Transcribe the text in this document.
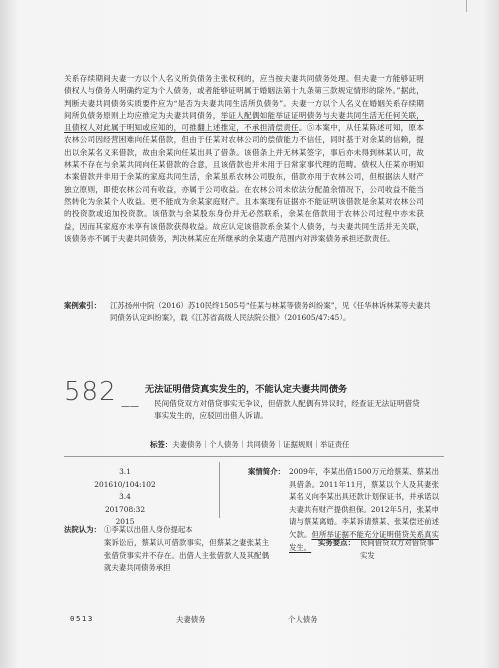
关系存续期间夫妻一方以个人名义所负债务主张权利的，应当按夫妻共同债务处理。但夫妻一方能够证明债权人与债务人明确约定为个人债务，或者能够证明属于婚姻法第十九条第三款规定情形的除外。”据此，判断夫妻共同债务实质要件应为“是否为夫妻共同生活所负债务”。夫妻一方以个人名义在婚姻关系存续期间所负债务原则上均应推定为夫妻共同债务，举证人配偶如能举证证明债务与夫妻共同生活无任何关联，且债权人对此属于明知或应知的，可推翻上述推定，不承担清偿责任。⑤本案中，从任某陈述可知，原本农林公司因经营困难向任某借款，但由于任某对农林公司的偿债能力不信任，同时基于对余某的信赖，提出以余某名义来借款，故由余某向任某出具了借条。该借条上并无林某签字，事后亦未得到林某认可，故林某不存在与余某共同向任某借款的合意，且该借款也并未用于日常家事代理的范畴。债权人任某亦明知本案借款并非用于余某的家庭共同生活，余某虽系农林公司股东，借款亦用于农林公司，但根据法人财产独立原则，即使农林公司有收益，亦属于公司收益。在农林公司未依法分配盈余情况下，公司收益不能当然转化为余某个人收益。更不能成为余某家庭财产。且本案现有证据亦不能证明该借款是余某对农林公司的投资款或追加投资款。该借款与余某股东身份并无必然联系，余某在借款用于农林公司过程中亦未获益，因而其家庭亦未享有该借款获得收益。故应认定该借款系余某个人债务，与夫妻共同生活并无关联，该债务亦不属于夫妻共同债务，判决林某应在所继承的余某遗产范围内对涉案债务承担还款责任。

案例索引：	江苏扬州中院（2016）苏10民终1505号“任某与林某等债务纠纷案”，见《任华林诉林某等夫妻共同债务认定纠纷案》，载《江苏省高级人民法院公报》（201605/47:45）。
582	无法证明借贷真实发生的，不能认定夫妻共同债务
—— 民间借贷双方对借贷事实无争议，但借款人配偶有异议时，经查证无法证明借贷事实发生的，应驳回出借人诉请。
标签：夫妻债务｜个人债务｜共同债务｜证据规则｜举证责任
3.1
201610/104:102
3.4
201708:32
2015
案情简介： 2009年，李某出借1500万元给蔡某、蔡某出具借条。2011年11月，蔡某以个人及其妻张某名义向李某出具还款计划保证书，并承诺以夫妻共有财产提供担保。2012年5月，张某申请与蔡某离婚。李某诉请蔡某、张某偿还前述欠款。但所举证据不能充分证明借贷关系真实发生。
法院认为： ①李某以出借人身份提起本
案诉讼后，蔡某认可借款事实，但蔡某之妻张某主张借贷事实并不存在。出借人主张借款人及其配偶就夫妻共同债务承担
实务要点： 民间借贷双方对借贷事实发
0513	夫妻债务	个人债务
